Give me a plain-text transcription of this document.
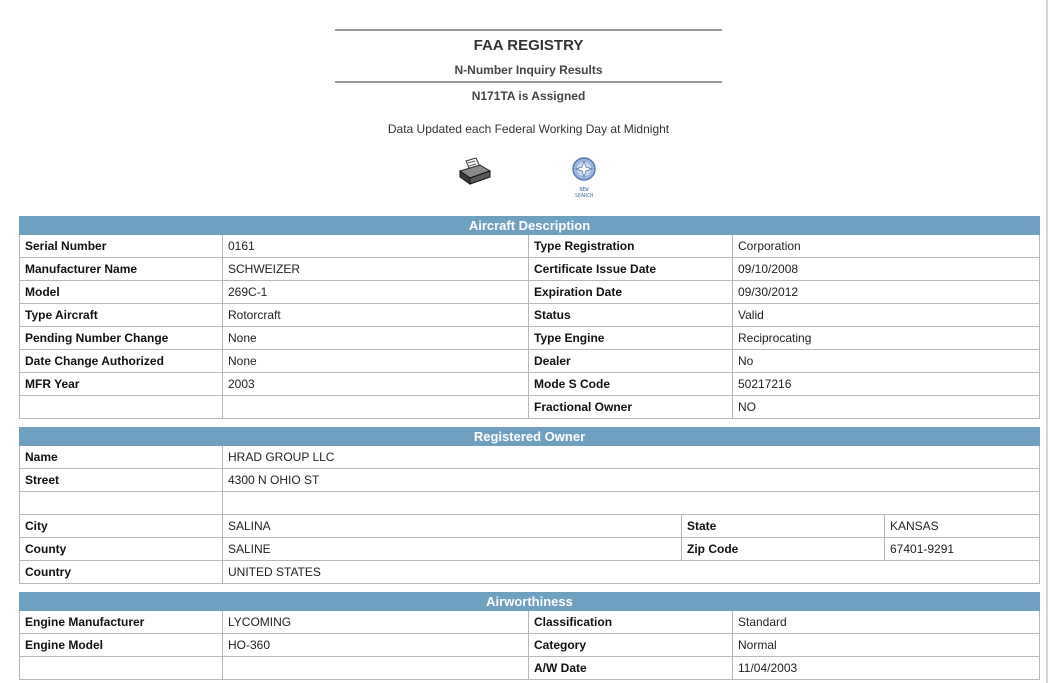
FAA REGISTRY
N-Number Inquiry Results
N171TA is Assigned
Data Updated each Federal Working Day at Midnight
NEW
SEARCH
Aircraft Description			
Serial Number	0161	Type Registration	Corporation
Manufacturer Name	SCHWEIZER	Certificate Issue Date	09/10/2008
Model	269C-1	Expiration Date	09/30/2012
Type Aircraft	Rotorcraft	Status	Valid
Pending Number Change	None	Type Engine	Reciprocating
Date Change Authorized	None	Dealer	No
MFR Year	2003	Mode S Code	50217216
		Fractional Owner	NO
Registered Owner			
Name	HRAD GROUP LLC		
Street	4300 N OHIO ST		

City	SALINA	State	KANSAS
County	SALINE	Zip Code	67401-9291
Country	UNITED STATES		
Airworthiness			
Engine Manufacturer	LYCOMING	Classification	Standard
Engine Model	HO-360	Category	Normal
		A/W Date	11/04/2003
